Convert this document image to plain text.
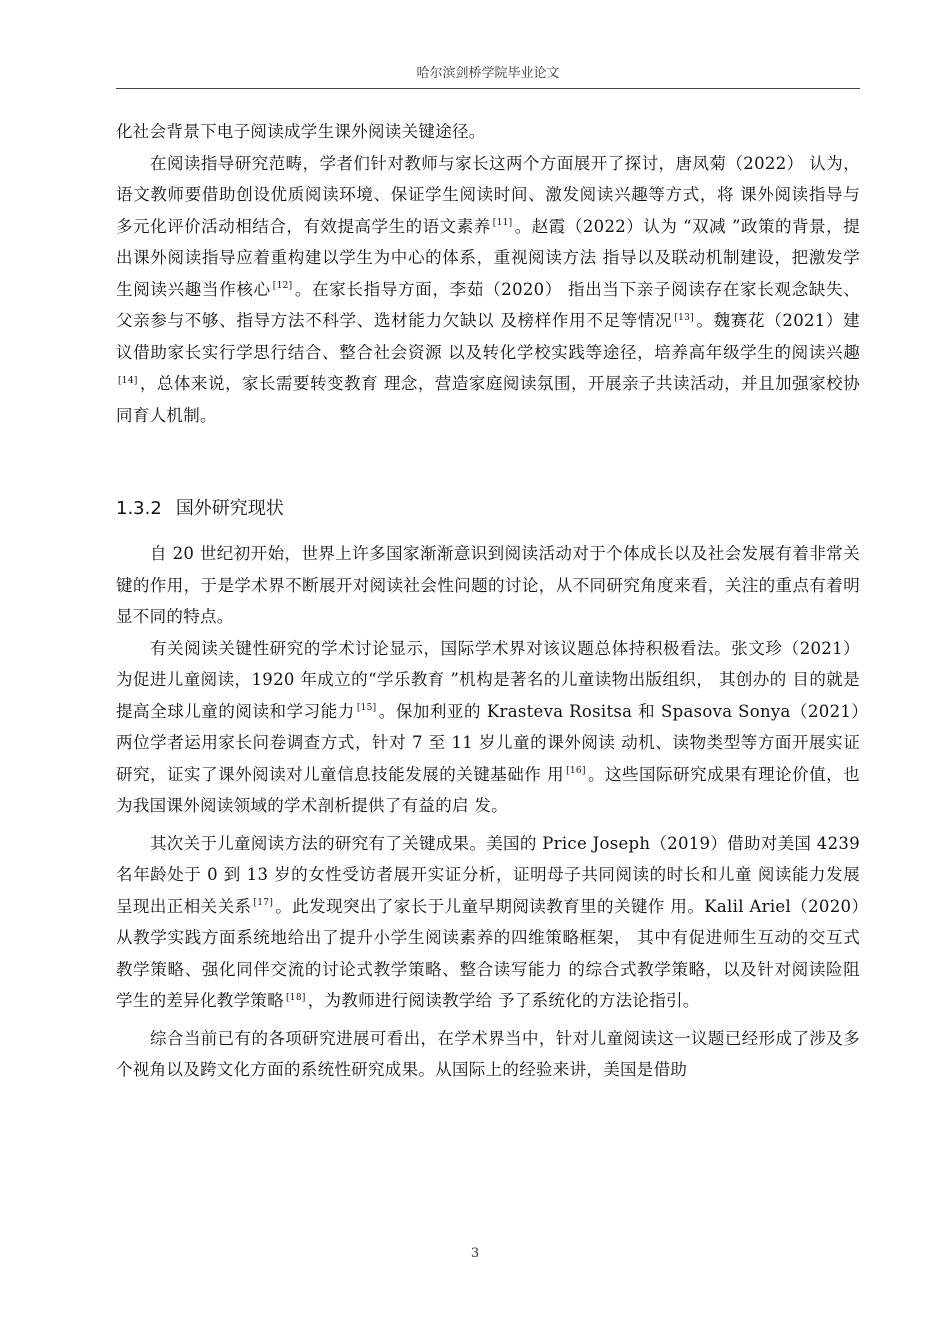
哈尔滨剑桥学院毕业论文

化社会背景下电子阅读成学生课外阅读关键途径。

在阅读指导研究范畴，学者们针对教师与家长这两个方面展开了探讨，唐凤菊（2022） 认为，语文教师要借助创设优质阅读环境、保证学生阅读时间、激发阅读兴趣等方式，将 课外阅读指导与多元化评价活动相结合，有效提高学生的语文素养 [11] 。赵霞（2022）认为 “双减 ”政策的背景，提出课外阅读指导应着重构建以学生为中心的体系，重视阅读方法 指导以及联动机制建设，把激发学生阅读兴趣当作核心 [12] 。在家长指导方面，李茹（2020） 指出当下亲子阅读存在家长观念缺失、父亲参与不够、指导方法不科学、选材能力欠缺以 及榜样作用不足等情况 [13] 。魏赛花（2021）建议借助家长实行学思行结合、整合社会资源 以及转化学校实践等途径，培养高年级学生的阅读兴趣[14] ，总体来说，家长需要转变教育 理念，营造家庭阅读氛围，开展亲子共读活动，并且加强家校协同育人机制。

1.3.2 国外研究现状

自 20 世纪初开始，世界上许多国家渐渐意识到阅读活动对于个体成长以及社会发展有着非常关键的作用，于是学术界不断展开对阅读社会性问题的讨论，从不同研究角度来看，关注的重点有着明显不同的特点。

有关阅读关键性研究的学术讨论显示，国际学术界对该议题总体持积极看法。张文珍（2021）为促进儿童阅读，1920 年成立的“学乐教育 ”机构是著名的儿童读物出版组织， 其创办的 目的就是提高全球儿童的阅读和学习能力 [15] 。保加利亚的 Krasteva Rositsa 和 Spasova Sonya（2021）两位学者运用家长问卷调查方式，针对 7 至 11 岁儿童的课外阅读 动机、读物类型等方面开展实证研究，证实了课外阅读对儿童信息技能发展的关键基础作 用 [16] 。这些国际研究成果有理论价值，也为我国课外阅读领域的学术剖析提供了有益的启 发。

其次关于儿童阅读方法的研究有了关键成果。美国的 Price Joseph（2019）借助对美国 4239 名年龄处于 0 到 13 岁的女性受访者展开实证分析，证明母子共同阅读的时长和儿童 阅读能力发展呈现出正相关关系 [17] 。此发现突出了家长于儿童早期阅读教育里的关键作 用。Kalil Ariel（2020）从教学实践方面系统地给出了提升小学生阅读素养的四维策略框架， 其中有促进师生互动的交互式教学策略、强化同伴交流的讨论式教学策略、整合读写能力 的综合式教学策略，以及针对阅读险阻学生的差异化教学策略 [18] ，为教师进行阅读教学给 予了系统化的方法论指引。

综合当前已有的各项研究进展可看出，在学术界当中，针对儿童阅读这一议题已经形成了涉及多个视角以及跨文化方面的系统性研究成果。从国际上的经验来讲，美国是借助

3
